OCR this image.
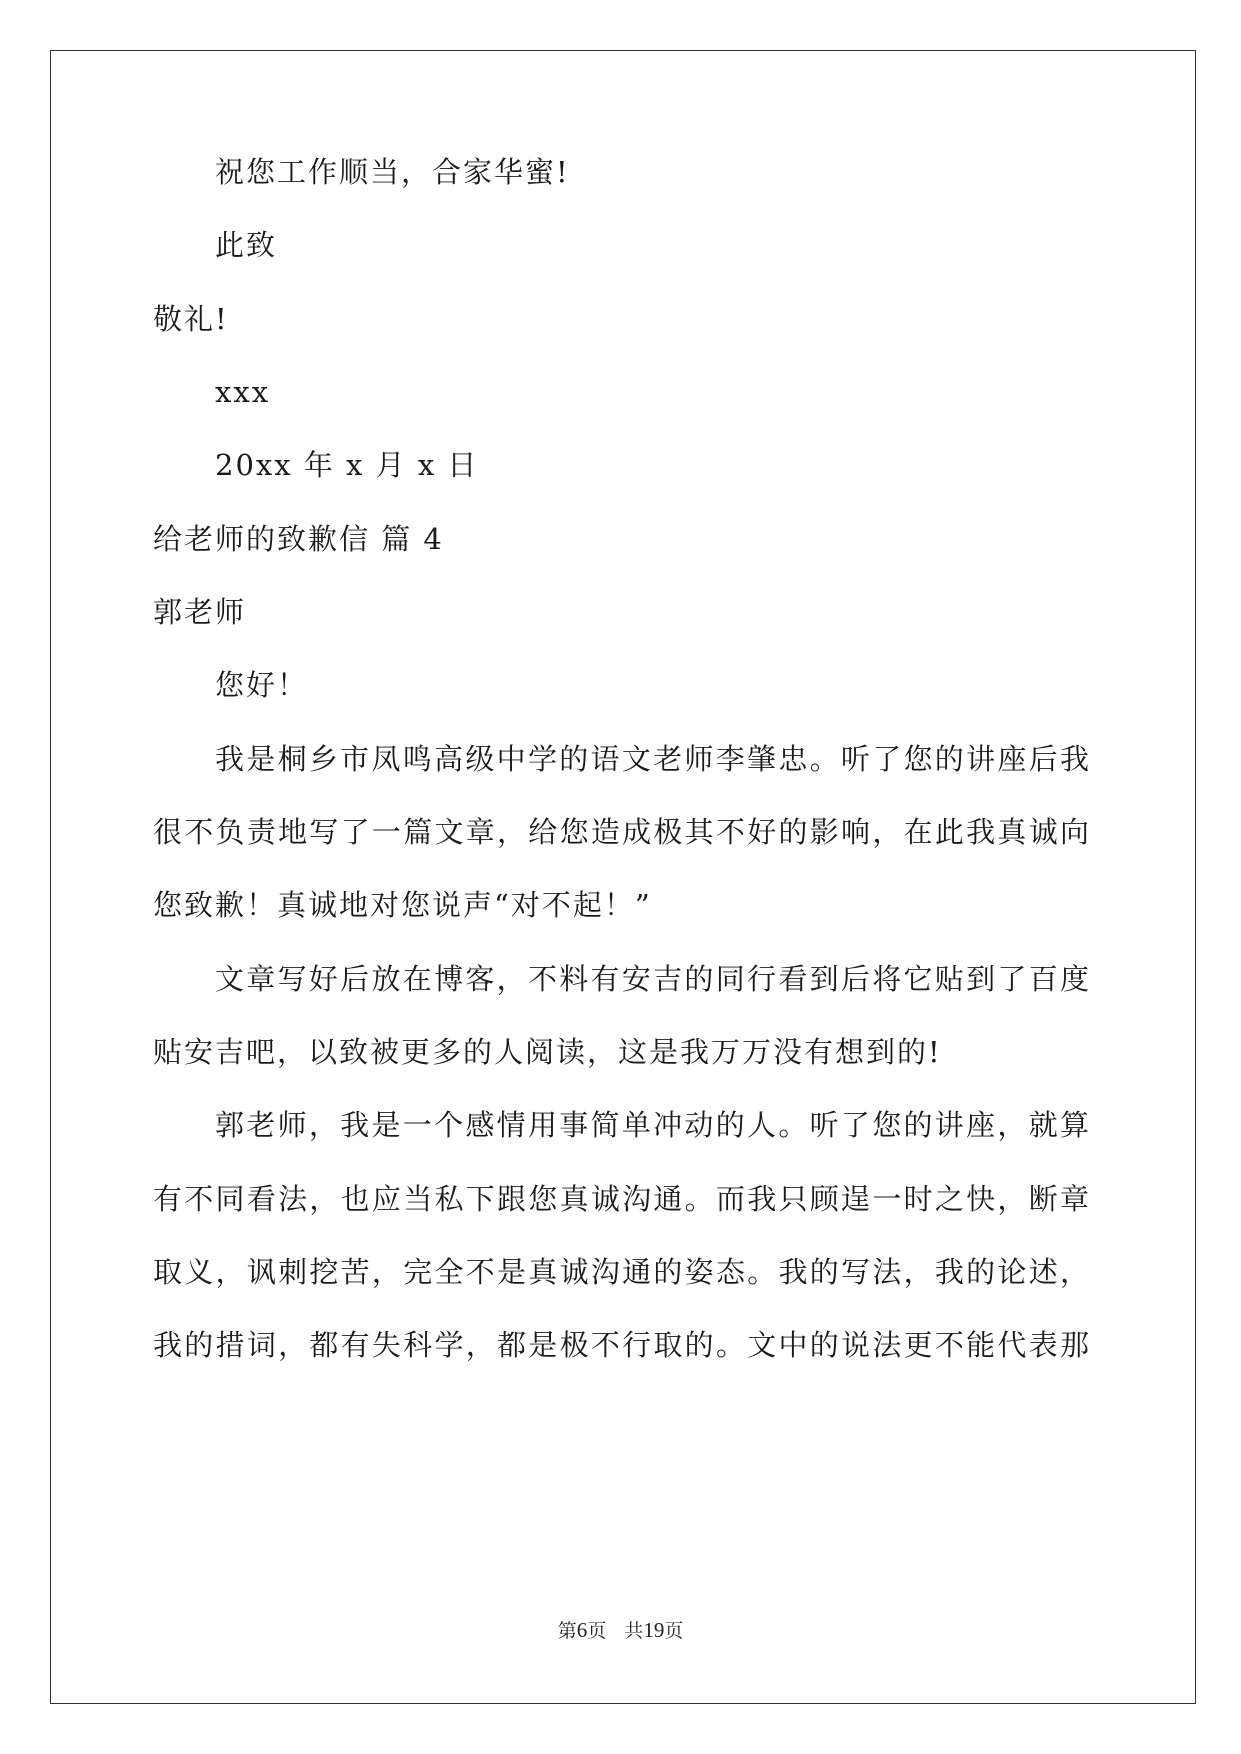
祝您工作顺当，合家华蜜!
此致
敬礼!
xxx
20xx 年 x 月 x 日
给老师的致歉信 篇 4
郭老师
您好！
我是桐乡市凤鸣高级中学的语文老师李肇忠。听了您的讲座后我
很不负责地写了一篇文章，给您造成极其不好的影响，在此我真诚向
您致歉！真诚地对您说声“对不起！”
文章写好后放在博客，不料有安吉的同行看到后将它贴到了百度
贴安吉吧，以致被更多的人阅读，这是我万万没有想到的!
郭老师，我是一个感情用事简单冲动的人。听了您的讲座，就算
有不同看法，也应当私下跟您真诚沟通。而我只顾逞一时之快，断章
取义，讽刺挖苦，完全不是真诚沟通的姿态。我的写法，我的论述，
我的措词，都有失科学，都是极不行取的。文中的说法更不能代表那
第6页   共19页
